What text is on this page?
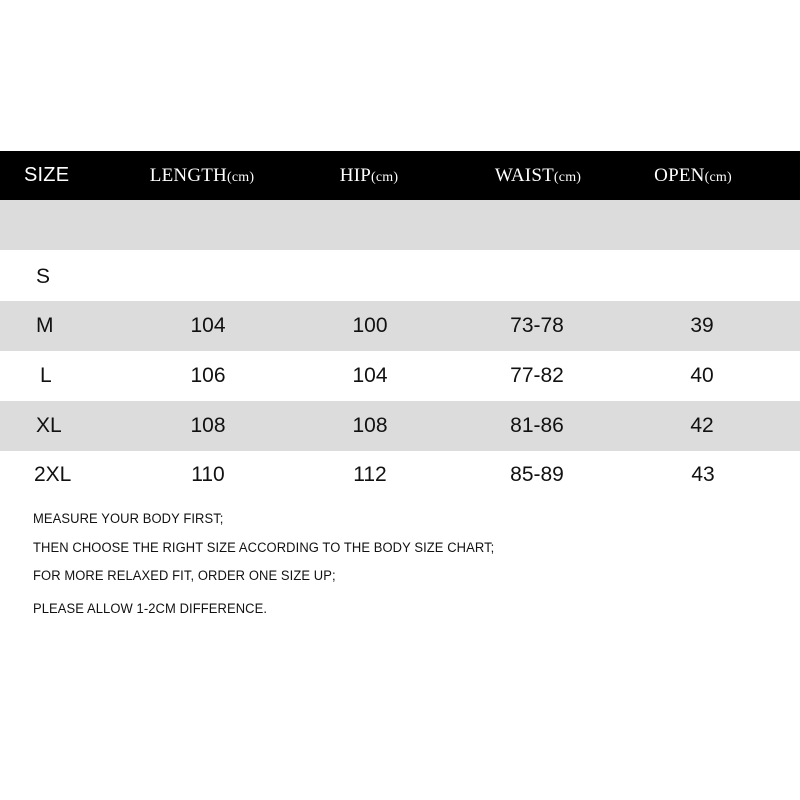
SIZE	LENGTH(cm)	HIP(cm)	WAIST(cm)	OPEN(cm)
S
M	104	100	73-78	39
L	106	104	77-82	40
XL	108	108	81-86	42
2XL	110	112	85-89	43
MEASURE YOUR BODY FIRST;
THEN CHOOSE THE RIGHT SIZE ACCORDING TO THE BODY SIZE CHART;
FOR MORE RELAXED FIT, ORDER ONE SIZE UP;
PLEASE ALLOW 1-2CM DIFFERENCE.
